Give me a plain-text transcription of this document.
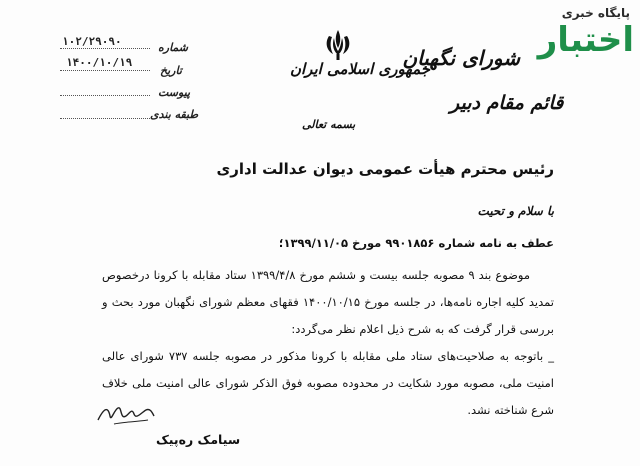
پایگاه خبری
اختبار
شورای نگهبان
قائم مقام دبیر
جمهوری اسلامی ایران
بسمه تعالی
۱۰۲/۲۹۰۹۰	شماره
۱۴۰۰/۱۰/۱۹
تاریخ
پیوست
طبقه بندی
رئیس محترم هیأت عمومی دیوان عدالت اداری
با سلام و تحیت
عطف به نامه شماره ۹۹۰۱۸۵۶ مورخ ۱۳۹۹/۱۱/۰۵؛
موضوع بند ۹ مصوبه جلسه بیست و ششم مورخ ۱۳۹۹/۴/۸ ستاد مقابله با کرونا درخصوص تمدید کلیه اجاره نامه‌ها، در جلسه مورخ ۱۴۰۰/۱۰/۱۵ فقهای معظم شورای نگهبان مورد بحث و بررسی قرار گرفت که به شرح ذیل اعلام نظر می‌گردد:
_ باتوجه به صلاحیت‌های ستاد ملی مقابله با کرونا مذکور در مصوبه جلسه ۷۳۷ شورای عالی امنیت ملی، مصوبه مورد شکایت در محدوده مصوبه فوق الذکر شورای عالی امنیت ملی خلاف شرع شناخته نشد.
سیامک ره‌پیک
